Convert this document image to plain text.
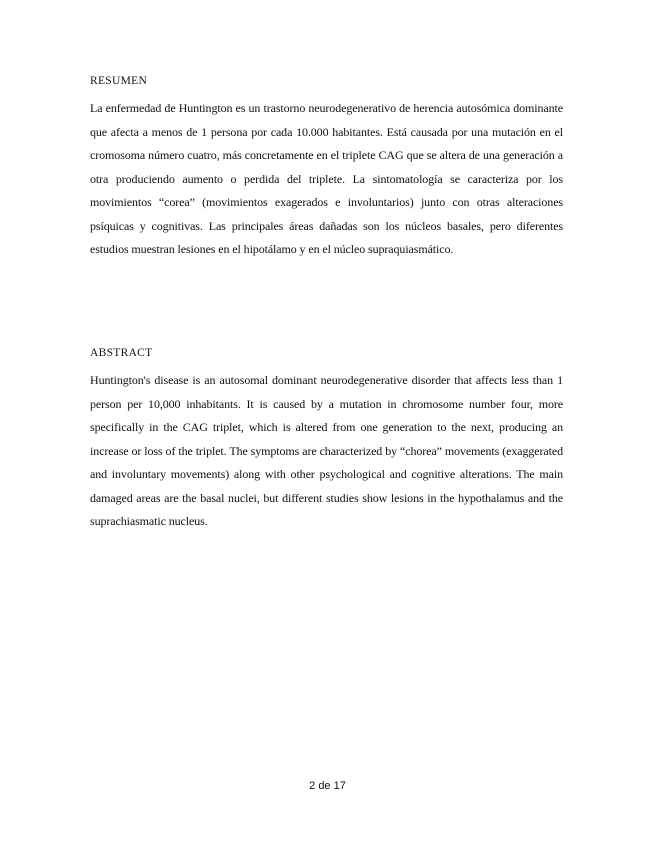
RESUMEN

La enfermedad de Huntington es un trastorno neurodegenerativo de herencia autosómica dominante que afecta a menos de 1 persona por cada 10.000 habitantes. Está causada por una mutación en el cromosoma número cuatro, más concretamente en el triplete CAG que se altera de una generación a otra produciendo aumento o perdida del triplete. La sintomatología se caracteriza por los movimientos “corea” (movimientos exagerados e involuntarios) junto con otras alteraciones psíquicas y cognitivas. Las principales áreas dañadas son los núcleos basales, pero diferentes estudios muestran lesiones en el hipotálamo y en el núcleo supraquiasmático.

ABSTRACT

Huntington's disease is an autosomal dominant neurodegenerative disorder that affects less than 1 person per 10,000 inhabitants. It is caused by a mutation in chromosome number four, more specifically in the CAG triplet, which is altered from one generation to the next, producing an increase or loss of the triplet. The symptoms are characterized by “chorea” movements (exaggerated and involuntary movements) along with other psychological and cognitive alterations. The main damaged areas are the basal nuclei, but different studies show lesions in the hypothalamus and the suprachiasmatic nucleus.

2 de 17
